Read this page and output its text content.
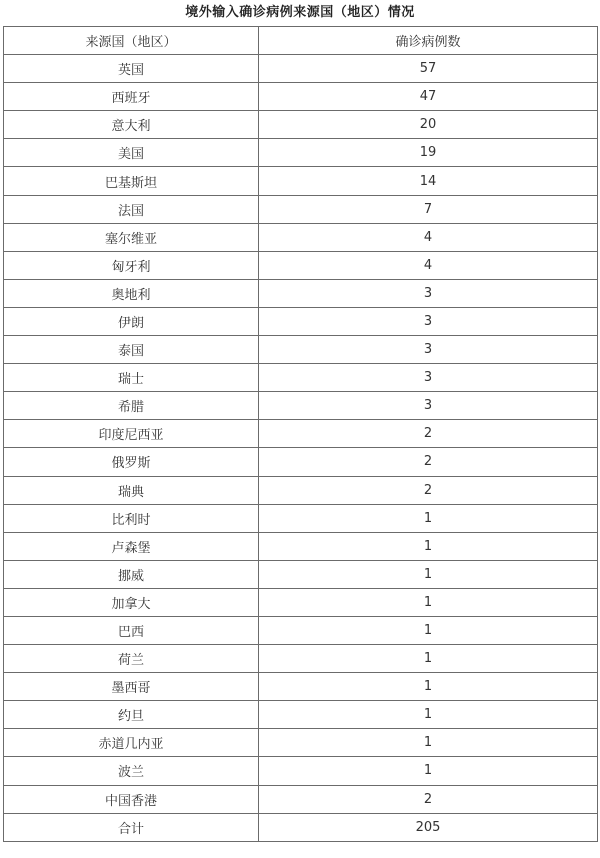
境外输入确诊病例来源国（地区）情况
来源国（地区）	确诊病例数
英国	57
西班牙	47
意大利	20
美国	19
巴基斯坦	14
法国	7
塞尔维亚	4
匈牙利	4
奥地利	3
伊朗	3
泰国	3
瑞士	3
希腊	3
印度尼西亚	2
俄罗斯	2
瑞典	2
比利时	1
卢森堡	1
挪威	1
加拿大	1
巴西	1
荷兰	1
墨西哥	1
约旦	1
赤道几内亚	1
波兰	1
中国香港	2
合计	205
